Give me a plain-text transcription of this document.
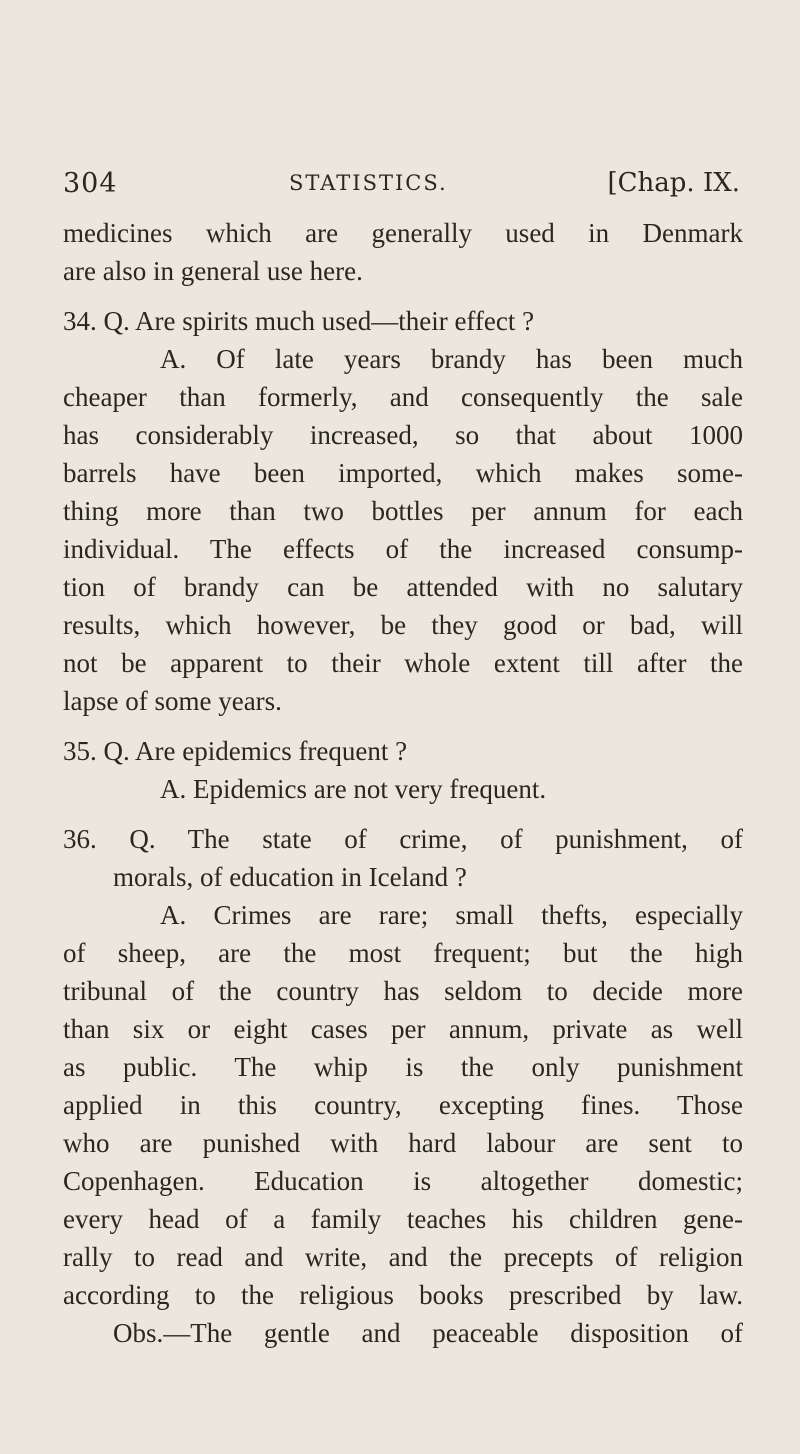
304	STATISTICS.	[Chap. IX.
medicines which are generally used in Denmark
are also in general use here.
34. Q. Are spirits much used—their effect ?
A. Of late years brandy has been much
cheaper than formerly, and consequently the sale
has considerably increased, so that about 1000
barrels have been imported, which makes some-
thing more than two bottles per annum for each
individual. The effects of the increased consump-
tion of brandy can be attended with no salutary
results, which however, be they good or bad, will
not be apparent to their whole extent till after the
lapse of some years.
35. Q. Are epidemics frequent ?
A. Epidemics are not very frequent.
36. Q. The state of crime, of punishment, of
morals, of education in Iceland ?
A. Crimes are rare; small thefts, especially
of sheep, are the most frequent; but the high
tribunal of the country has seldom to decide more
than six or eight cases per annum, private as well
as public. The whip is the only punishment
applied in this country, excepting fines. Those
who are punished with hard labour are sent to
Copenhagen. Education is altogether domestic;
every head of a family teaches his children gene-
rally to read and write, and the precepts of religion
according to the religious books prescribed by law.
Obs.—The gentle and peaceable disposition of
